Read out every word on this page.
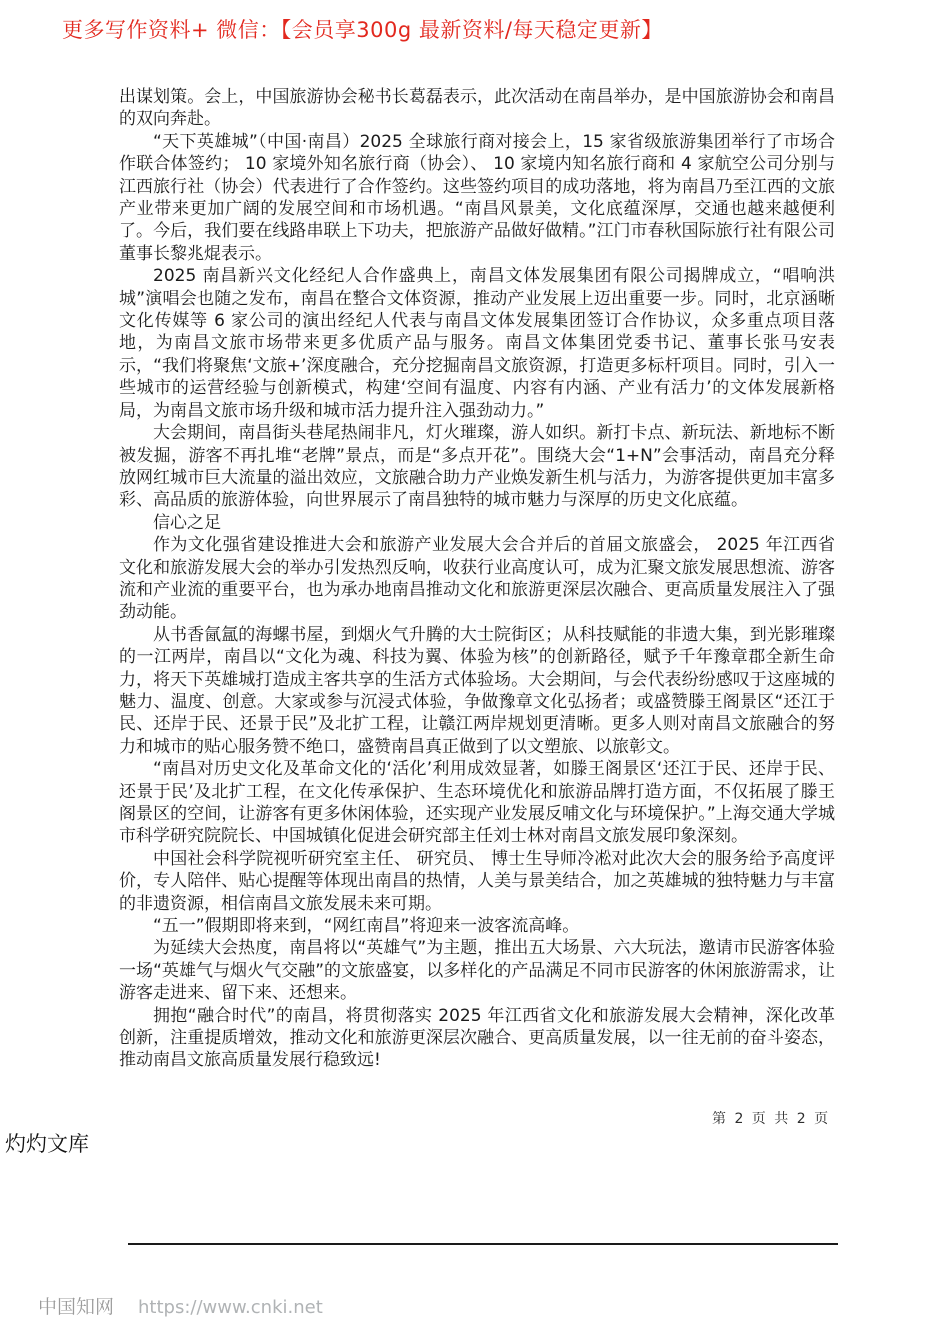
更多写作资料+ 微信：【会员享300g 最新资料/每天稳定更新】

出谋划策。会上，中国旅游协会秘书长葛磊表示，此次活动在南昌举办，是中国旅游协会和南昌的双向奔赴。

“天下英雄城”（中国·南昌）2025 全球旅行商对接会上，15 家省级旅游集团举行了市场合作联合体签约； 10 家境外知名旅行商（协会）、 10 家境内知名旅行商和 4 家航空公司分别与江西旅行社（协会）代表进行了合作签约。这些签约项目的成功落地，将为南昌乃至江西的文旅产业带来更加广阔的发展空间和市场机遇。“南昌风景美，文化底蕴深厚，交通也越来越便利了。今后，我们要在线路串联上下功夫，把旅游产品做好做精。”江门市春秋国际旅行社有限公司董事长黎兆焜表示。

2025 南昌新兴文化经纪人合作盛典上，南昌文体发展集团有限公司揭牌成立，“唱响洪城”演唱会也随之发布，南昌在整合文体资源，推动产业发展上迈出重要一步。同时，北京涵晰文化传媒等 6 家公司的演出经纪人代表与南昌文体发展集团签订合作协议，众多重点项目落地，为南昌文旅市场带来更多优质产品与服务。南昌文体集团党委书记、董事长张马安表示，“我们将聚焦‘文旅+’深度融合，充分挖掘南昌文旅资源，打造更多标杆项目。同时，引入一些城市的运营经验与创新模式，构建‘空间有温度、内容有内涵、产业有活力’的文体发展新格局，为南昌文旅市场升级和城市活力提升注入强劲动力。”

大会期间，南昌街头巷尾热闹非凡，灯火璀璨，游人如织。新打卡点、新玩法、新地标不断被发掘，游客不再扎堆“老牌”景点，而是“多点开花”。围绕大会“1+N”会事活动，南昌充分释放网红城市巨大流量的溢出效应，文旅融合助力产业焕发新生机与活力，为游客提供更加丰富多彩、高品质的旅游体验，向世界展示了南昌独特的城市魅力与深厚的历史文化底蕴。

信心之足

作为文化强省建设推进大会和旅游产业发展大会合并后的首届文旅盛会， 2025 年江西省文化和旅游发展大会的举办引发热烈反响，收获行业高度认可，成为汇聚文旅发展思想流、游客流和产业流的重要平台，也为承办地南昌推动文化和旅游更深层次融合、更高质量发展注入了强劲动能。

从书香氤氲的海螺书屋，到烟火气升腾的大士院街区；从科技赋能的非遗大集，到光影璀璨的一江两岸，南昌以“文化为魂、科技为翼、体验为核”的创新路径，赋予千年豫章郡全新生命力，将天下英雄城打造成主客共享的生活方式体验场。大会期间，与会代表纷纷感叹于这座城的魅力、温度、创意。大家或参与沉浸式体验，争做豫章文化弘扬者；或盛赞滕王阁景区“还江于民、还岸于民、还景于民”及北扩工程，让赣江两岸规划更清晰。更多人则对南昌文旅融合的努力和城市的贴心服务赞不绝口，盛赞南昌真正做到了以文塑旅、以旅彰文。

“南昌对历史文化及革命文化的‘活化’利用成效显著，如滕王阁景区‘还江于民、还岸于民、还景于民’及北扩工程，在文化传承保护、生态环境优化和旅游品牌打造方面，不仅拓展了滕王阁景区的空间，让游客有更多休闲体验，还实现产业发展反哺文化与环境保护。”上海交通大学城市科学研究院院长、中国城镇化促进会研究部主任刘士林对南昌文旅发展印象深刻。

中国社会科学院视听研究室主任、 研究员、 博士生导师冷凇对此次大会的服务给予高度评价，专人陪伴、贴心提醒等体现出南昌的热情，人美与景美结合，加之英雄城的独特魅力与丰富的非遗资源，相信南昌文旅发展未来可期。

“五一”假期即将来到，“网红南昌”将迎来一波客流高峰。

为延续大会热度，南昌将以“英雄气”为主题，推出五大场景、六大玩法，邀请市民游客体验一场“英雄气与烟火气交融”的文旅盛宴，以多样化的产品满足不同市民游客的休闲旅游需求，让游客走进来、留下来、还想来。

拥抱“融合时代”的南昌，将贯彻落实 2025 年江西省文化和旅游发展大会精神，深化改革创新，注重提质增效，推动文化和旅游更深层次融合、更高质量发展，以一往无前的奋斗姿态，推动南昌文旅高质量发展行稳致远!

第 2 页 共 2 页
灼灼文库
中国知网 https://www.cnki.net
